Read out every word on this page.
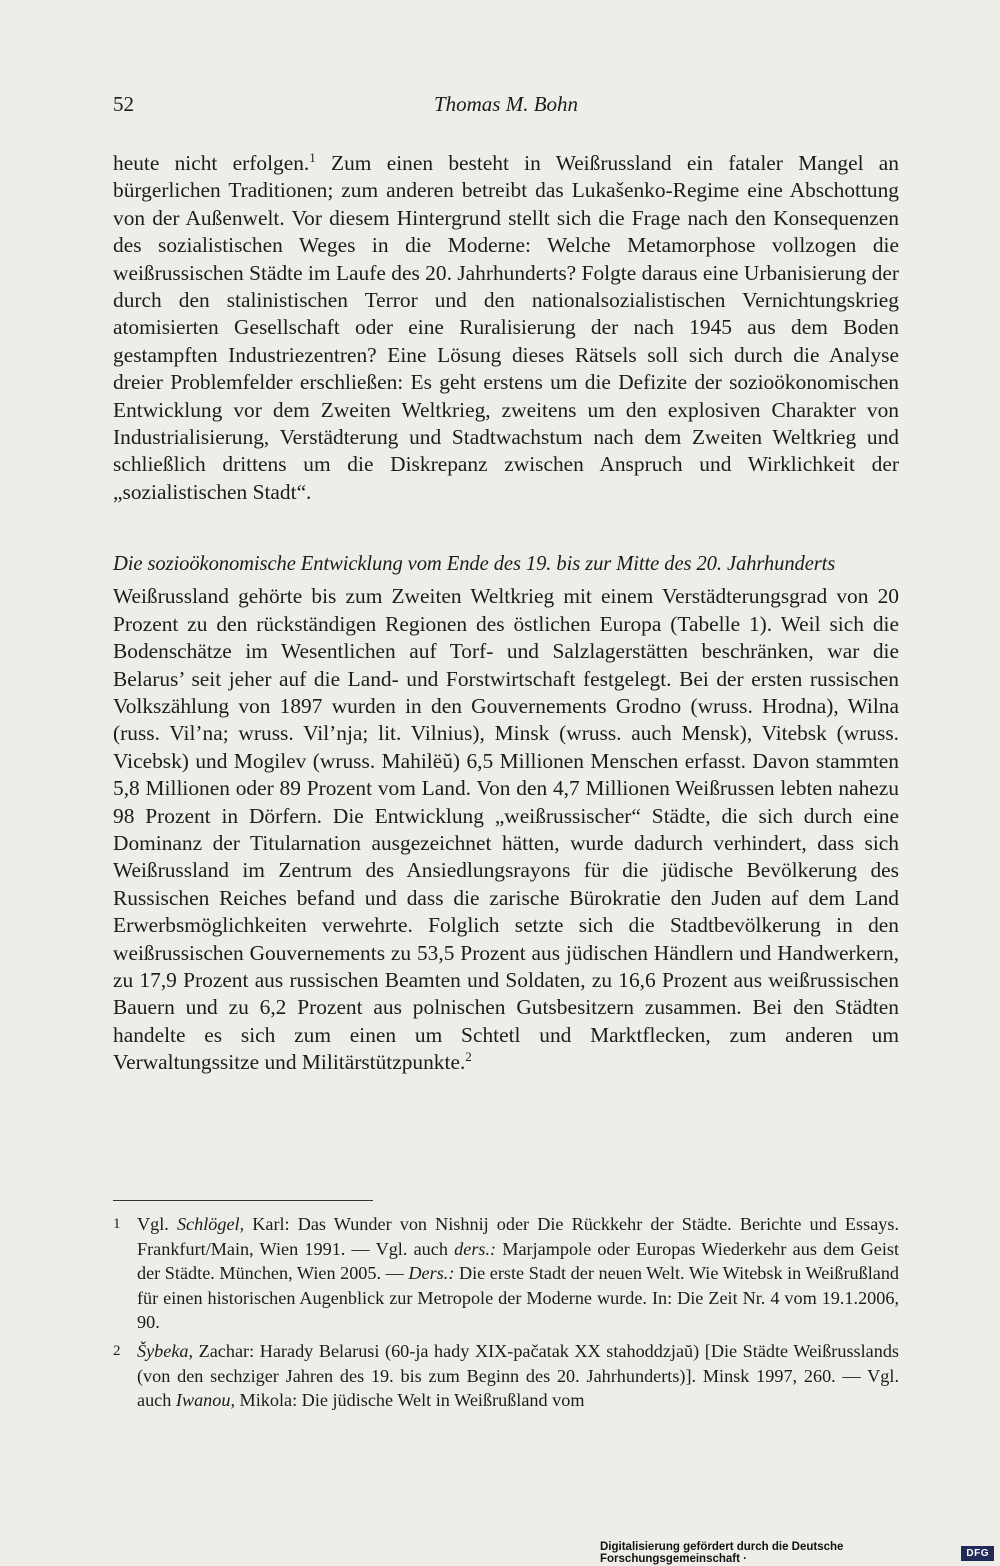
52	Thomas M. Bohn

heute nicht erfolgen.$^1$ Zum einen besteht in Weißrussland ein fataler Mangel an bürgerlichen Traditionen; zum anderen betreibt das Lukašenko-Regime eine Abschottung von der Außenwelt. Vor diesem Hintergrund stellt sich die Frage nach den Konsequenzen des sozialistischen Weges in die Moderne: Welche Metamorphose vollzogen die weißrussischen Städte im Laufe des 20. Jahrhunderts? Folgte daraus eine Urbanisierung der durch den stalinistischen Terror und den nationalsozialistischen Vernichtungskrieg atomisierten Gesellschaft oder eine Ruralisierung der nach 1945 aus dem Boden gestampften Industriezentren? Eine Lösung dieses Rätsels soll sich durch die Analyse dreier Problemfelder erschließen: Es geht erstens um die Defizite der sozioökonomischen Entwicklung vor dem Zweiten Weltkrieg, zweitens um den explosiven Charakter von Industrialisierung, Verstädterung und Stadtwachstum nach dem Zweiten Weltkrieg und schließlich drittens um die Diskrepanz zwischen Anspruch und Wirklichkeit der „sozialistischen Stadt“.

Die sozioökonomische Entwicklung vom Ende des 19. bis zur Mitte des 20. Jahrhunderts

Weißrussland gehörte bis zum Zweiten Weltkrieg mit einem Verstädterungsgrad von 20 Prozent zu den rückständigen Regionen des östlichen Europa (Tabelle 1). Weil sich die Bodenschätze im Wesentlichen auf Torf- und Salzlagerstätten beschränken, war die Belarus’ seit jeher auf die Land- und Forstwirtschaft festgelegt. Bei der ersten russischen Volkszählung von 1897 wurden in den Gouvernements Grodno (wruss. Hrodna), Wilna (russ. Vil’na; wruss. Vil’nja; lit. Vilnius), Minsk (wruss. auch Mensk), Vitebsk (wruss. Vicebsk) und Mogilev (wruss. Mahilëŭ) 6,5 Millionen Menschen erfasst. Davon stammten 5,8 Millionen oder 89 Prozent vom Land. Von den 4,7 Millionen Weißrussen lebten nahezu 98 Prozent in Dörfern. Die Entwicklung „weißrussischer“ Städte, die sich durch eine Dominanz der Titularnation ausgezeichnet hätten, wurde dadurch verhindert, dass sich Weißrussland im Zentrum des Ansiedlungsrayons für die jüdische Bevölkerung des Russischen Reiches befand und dass die zarische Bürokratie den Juden auf dem Land Erwerbsmöglichkeiten verwehrte. Folglich setzte sich die Stadtbevölkerung in den weißrussischen Gouvernements zu 53,5 Prozent aus jüdischen Händlern und Handwerkern, zu 17,9 Prozent aus russischen Beamten und Soldaten, zu 16,6 Prozent aus weißrussischen Bauern und zu 6,2 Prozent aus polnischen Gutsbesitzern zusammen. Bei den Städten handelte es sich zum einen um Schtetl und Marktflecken, zum anderen um Verwaltungssitze und Militärstützpunkte.$^2$

1 Vgl. Schlögel, Karl: Das Wunder von Nishnij oder Die Rückkehr der Städte. Berichte und Essays. Frankfurt/Main, Wien 1991. — Vgl. auch ders.: Marjampole oder Europas Wiederkehr aus dem Geist der Städte. München, Wien 2005. — Ders.: Die erste Stadt der neuen Welt. Wie Witebsk in Weißrußland für einen historischen Augenblick zur Metropole der Moderne wurde. In: Die Zeit Nr. 4 vom 19.1.2006, 90.

2 Šybeka, Zachar: Harady Belarusi (60-ja hady XIX-pačatak XX stahoddzjaŭ) [Die Städte Weißrusslands (von den sechziger Jahren des 19. bis zum Beginn des 20. Jahrhunderts)]. Minsk 1997, 260. — Vgl. auch Iwanou, Mikola: Die jüdische Welt in Weißrußland vom

Digitalisierung gefördert durch die Deutsche Forschungsgemeinschaft ·	DFG
